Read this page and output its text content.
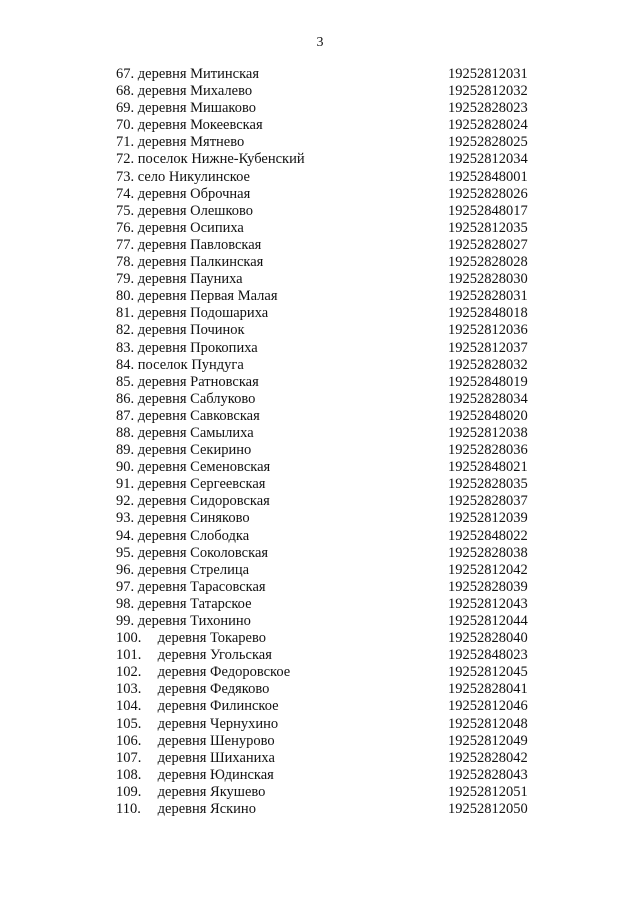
3
67. деревня Митинская	19252812031
68. деревня Михалево	19252812032
69. деревня Мишаково	19252828023
70. деревня Мокеевская	19252828024
71. деревня Мятнево	19252828025
72. поселок Нижне-Кубенский	19252812034
73. село Никулинское	19252848001
74. деревня Оброчная	19252828026
75. деревня Олешково	19252848017
76. деревня Осипиха	19252812035
77. деревня Павловская	19252828027
78. деревня Палкинская	19252828028
79. деревня Пауниха	19252828030
80. деревня Первая Малая	19252828031
81. деревня Подошариха	19252848018
82. деревня Починок	19252812036
83. деревня Прокопиха	19252812037
84. поселок Пундуга	19252828032
85. деревня Ратновская	19252848019
86. деревня Саблуково	19252828034
87. деревня Савковская	19252848020
88. деревня Самылиха	19252812038
89. деревня Секирино	19252828036
90. деревня Семеновская	19252848021
91. деревня Сергеевская	19252828035
92. деревня Сидоровская	19252828037
93. деревня Синяково	19252812039
94. деревня Слободка	19252848022
95. деревня Соколовская	19252828038
96. деревня Стрелица	19252812042
97. деревня Тарасовская	19252828039
98. деревня Татарское	19252812043
99. деревня Тихонино	19252812044
100. деревня Токарево	19252828040
101. деревня Угольская	19252848023
102. деревня Федоровское	19252812045
103. деревня Федяково	19252828041
104. деревня Филинское	19252812046
105. деревня Чернухино	19252812048
106. деревня Шенурово	19252812049
107. деревня Шиханиха	19252828042
108. деревня Юдинская	19252828043
109. деревня Якушево	19252812051
110. деревня Яскино	19252812050
